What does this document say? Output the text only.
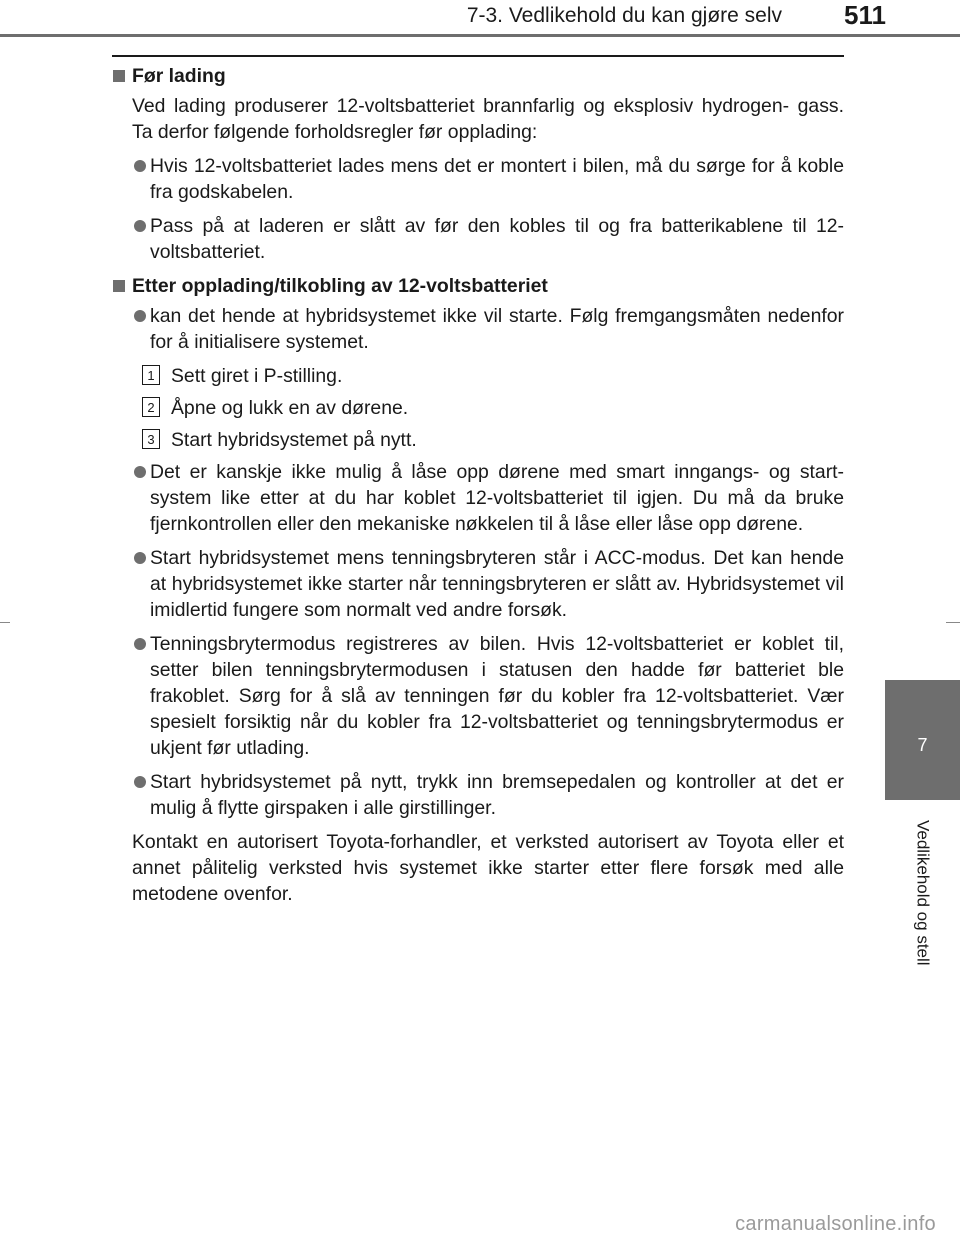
7-3. Vedlikehold du kan gjøre selv 511
7
Vedlikehold og stell
Før lading
Ved lading produserer 12-voltsbatteriet brannfarlig og eksplosiv hydrogen- gass. Ta derfor følgende forholdsregler før opplading:
Hvis 12-voltsbatteriet lades mens det er montert i bilen, må du sørge for å koble fra godskabelen.
Pass på at laderen er slått av før den kobles til og fra batterikablene til 12-voltsbatteriet.
Etter opplading/tilkobling av 12-voltsbatteriet
kan det hende at hybridsystemet ikke vil starte. Følg fremgangsmåten nedenfor for å initialisere systemet.
1 Sett giret i P-stilling.
2 Åpne og lukk en av dørene.
3 Start hybridsystemet på nytt.
Det er kanskje ikke mulig å låse opp dørene med smart inngangs- og start-system like etter at du har koblet 12-voltsbatteriet til igjen. Du må da bruke fjernkontrollen eller den mekaniske nøkkelen til å låse eller låse opp dørene.
Start hybridsystemet mens tenningsbryteren står i ACC-modus. Det kan hende at hybridsystemet ikke starter når tenningsbryteren er slått av. Hybridsystemet vil imidlertid fungere som normalt ved andre forsøk.
Tenningsbrytermodus registreres av bilen. Hvis 12-voltsbatteriet er koblet til, setter bilen tenningsbrytermodusen i statusen den hadde før batteriet ble frakoblet. Sørg for å slå av tenningen før du kobler fra 12-voltsbatteriet. Vær spesielt forsiktig når du kobler fra 12-voltsbatteriet og tenningsbrytermodus er ukjent før utlading.
Start hybridsystemet på nytt, trykk inn bremsepedalen og kontroller at det er mulig å flytte girspaken i alle girstillinger.
Kontakt en autorisert Toyota-forhandler, et verksted autorisert av Toyota eller et annet pålitelig verksted hvis systemet ikke starter etter flere forsøk med alle metodene ovenfor.
carmanualsonline.info
